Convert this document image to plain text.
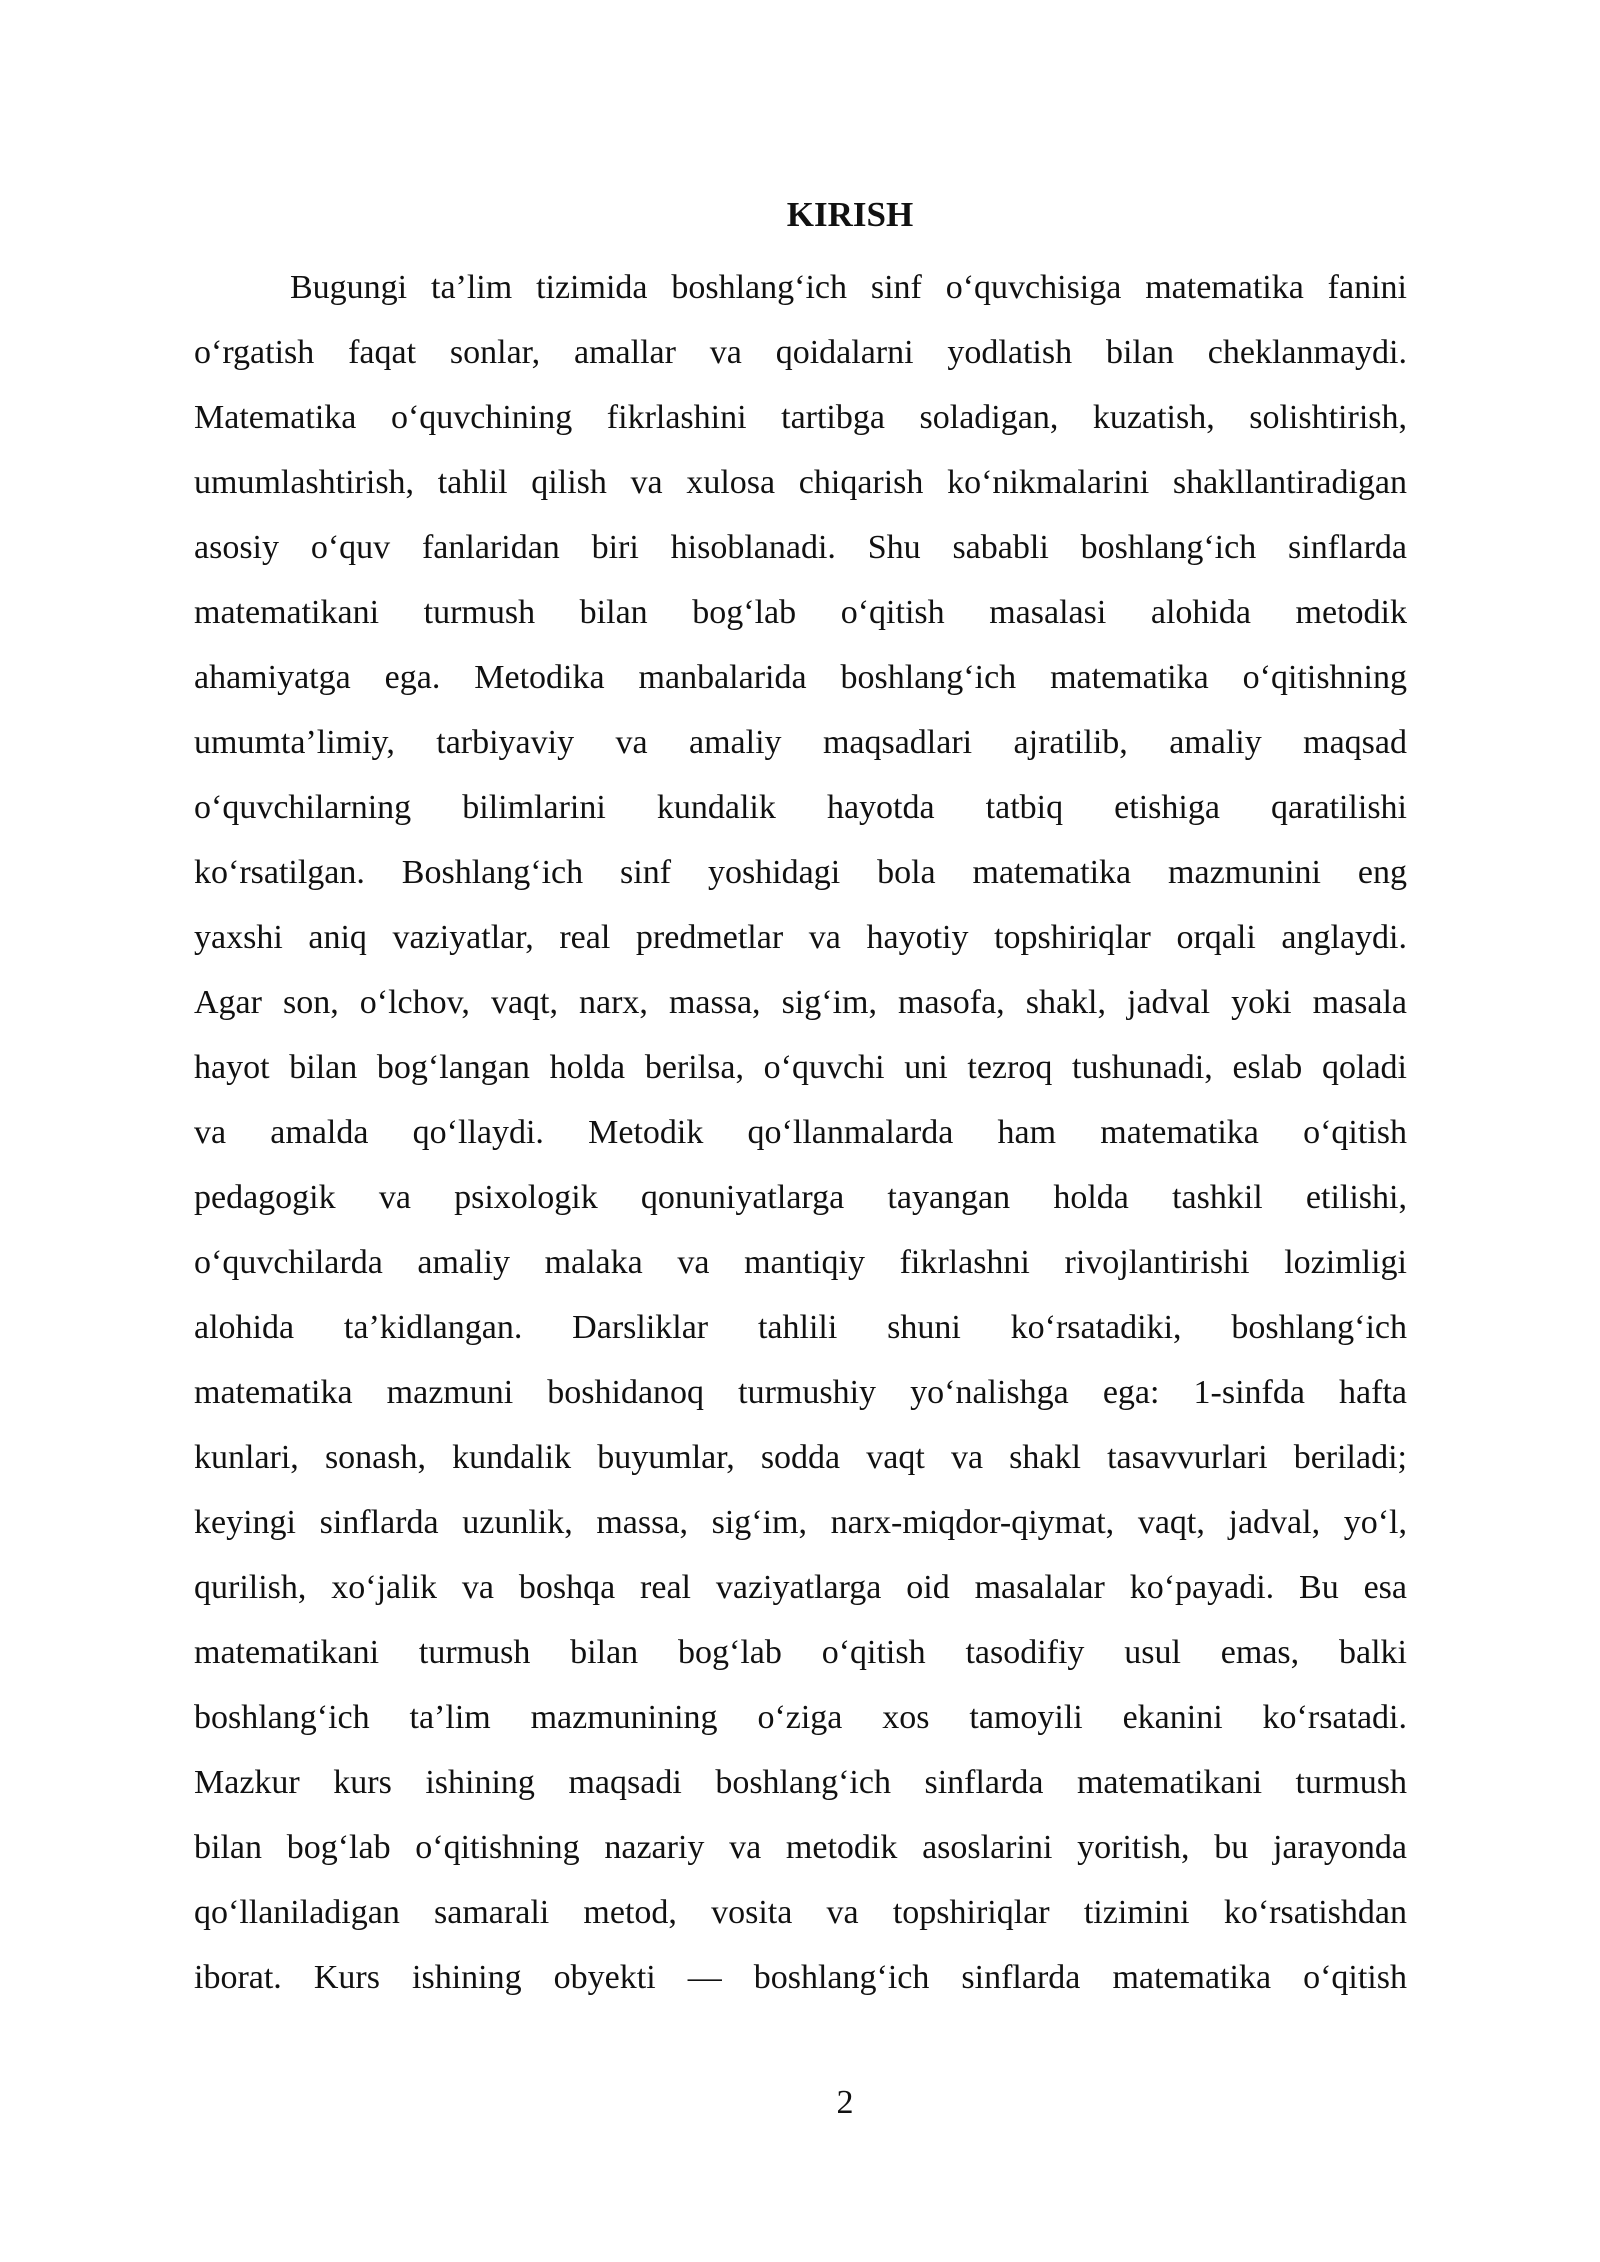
KIRISH
Bugungi ta’lim tizimida boshlang‘ich sinf o‘quvchisiga matematika fanini
o‘rgatish faqat sonlar, amallar va qoidalarni yodlatish bilan cheklanmaydi.
Matematika o‘quvchining fikrlashini tartibga soladigan, kuzatish, solishtirish,
umumlashtirish, tahlil qilish va xulosa chiqarish ko‘nikmalarini shakllantiradigan
asosiy o‘quv fanlaridan biri hisoblanadi. Shu sababli boshlang‘ich sinflarda
matematikani turmush bilan bog‘lab o‘qitish masalasi alohida metodik
ahamiyatga ega. Metodika manbalarida boshlang‘ich matematika o‘qitishning
umumta’limiy, tarbiyaviy va amaliy maqsadlari ajratilib, amaliy maqsad
o‘quvchilarning bilimlarini kundalik hayotda tatbiq etishiga qaratilishi
ko‘rsatilgan. Boshlang‘ich sinf yoshidagi bola matematika mazmunini eng
yaxshi aniq vaziyatlar, real predmetlar va hayotiy topshiriqlar orqali anglaydi.
Agar son, o‘lchov, vaqt, narx, massa, sig‘im, masofa, shakl, jadval yoki masala
hayot bilan bog‘langan holda berilsa, o‘quvchi uni tezroq tushunadi, eslab qoladi
va amalda qo‘llaydi. Metodik qo‘llanmalarda ham matematika o‘qitish
pedagogik va psixologik qonuniyatlarga tayangan holda tashkil etilishi,
o‘quvchilarda amaliy malaka va mantiqiy fikrlashni rivojlantirishi lozimligi
alohida ta’kidlangan. Darsliklar tahlili shuni ko‘rsatadiki, boshlang‘ich
matematika mazmuni boshidanoq turmushiy yo‘nalishga ega: 1-sinfda hafta
kunlari, sonash, kundalik buyumlar, sodda vaqt va shakl tasavvurlari beriladi;
keyingi sinflarda uzunlik, massa, sig‘im, narx-miqdor-qiymat, vaqt, jadval, yo‘l,
qurilish, xo‘jalik va boshqa real vaziyatlarga oid masalalar ko‘payadi. Bu esa
matematikani turmush bilan bog‘lab o‘qitish tasodifiy usul emas, balki
boshlang‘ich ta’lim mazmunining o‘ziga xos tamoyili ekanini ko‘rsatadi.
Mazkur kurs ishining maqsadi boshlang‘ich sinflarda matematikani turmush
bilan bog‘lab o‘qitishning nazariy va metodik asoslarini yoritish, bu jarayonda
qo‘llaniladigan samarali metod, vosita va topshiriqlar tizimini ko‘rsatishdan
iborat. Kurs ishining obyekti — boshlang‘ich sinflarda matematika o‘qitish
2
